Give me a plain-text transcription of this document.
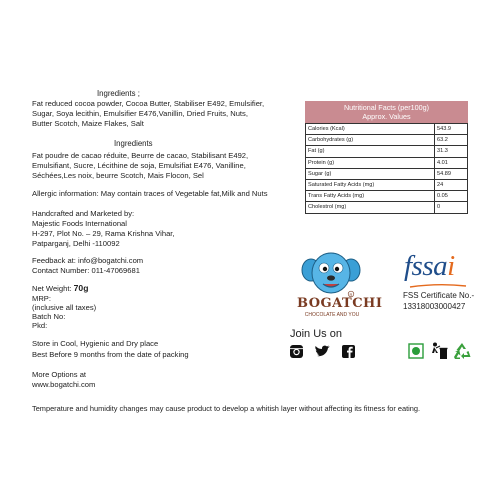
Ingredients ;
Fat reduced cocoa powder, Cocoa Butter, Stabiliser E492, Emulsifier,
Sugar, Soya lecithin, Emulsifier E476,Vanillin, Dried Fruits, Nuts,
Butter Scotch, Maize Flakes, Salt
Ingredients
Fat poudre de cacao réduite, Beurre de cacao, Stabilisant E492,
Emulsifiant, Sucre, Lécithine de soja, Emulsifiat E476, Vanilline,
Séchées,Les noix, beurre Scotch, Mais Flocon, Sel
Allergic information: May contain traces of Vegetable fat,Milk and Nuts
Handcrafted and Marketed by:
Majestic Foods International
H-297, Plot No. – 29, Rama Krishna Vihar,
Patparganj, Delhi -110092
Feedback at: info@bogatchi.com
Contact Number: 011-47069681
Net Weight: 70g
MRP:
(inclusive all taxes)
Batch No:
Pkd:
Store in Cool, Hygienic and Dry place
Best Before 9 months from the date of packing
More Options at
www.bogatchi.com
Temperature and humidity changes may cause product to develop a whitish layer without affecting its fitness for eating.
Nutritional Facts (per100g)
Approx. Values
Calories (Kcal)	543.9
Carbohydrates (g)	63.2
Fat (g)	31.3
Protein (g)	4.01
Sugar (g)	54.89
Saturated Fatty Acids (mg)	24
Trans Fatty Acids (mg)	0.05
Cholestrol (mg)	0
R
BOGATCHI
CHOCOLATE AND YOU
fssai
FSS Certificate No.-
13318003000427
Join Us on
